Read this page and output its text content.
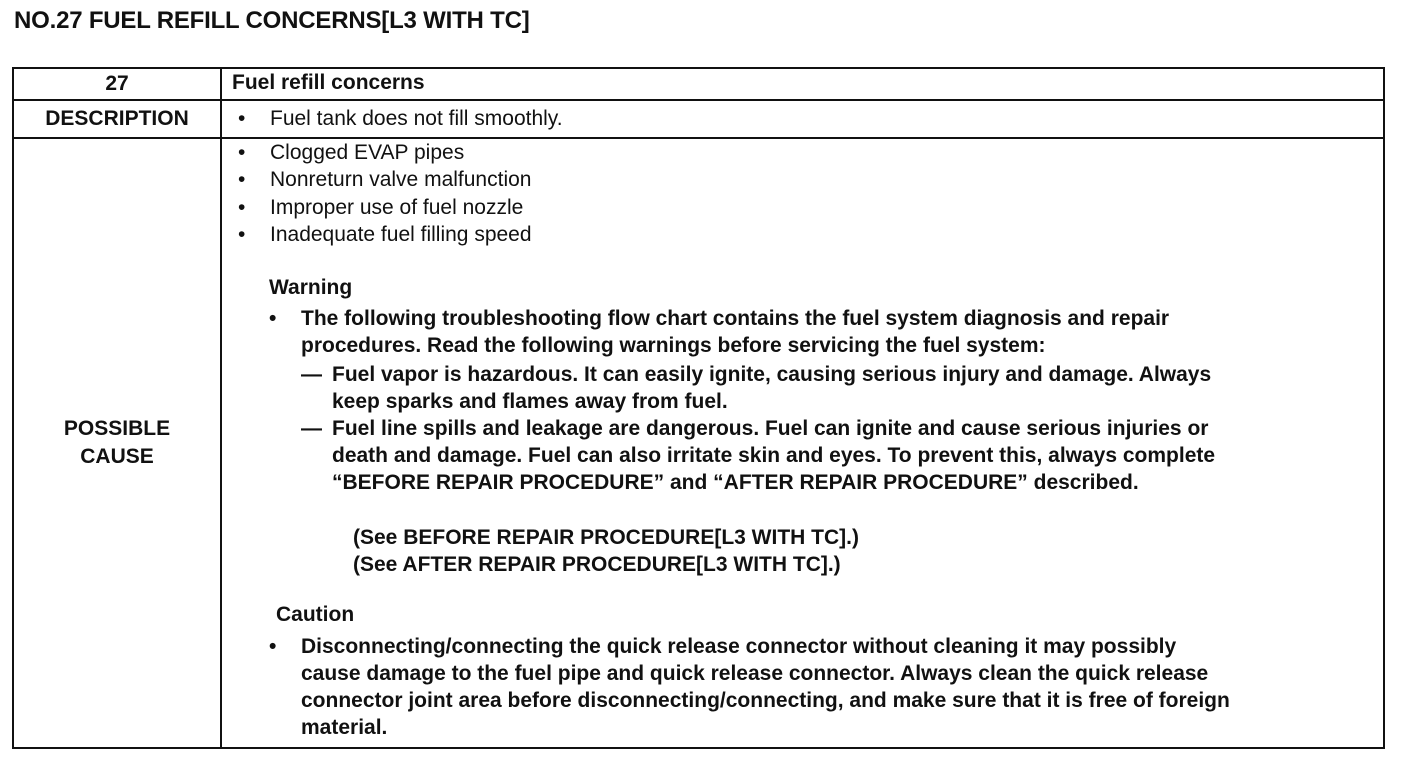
NO.27 FUEL REFILL CONCERNS[L3 WITH TC]
27	Fuel refill concerns
DESCRIPTION	• Fuel tank does not fill smoothly.
POSSIBLE
CAUSE
• Clogged EVAP pipes
• Nonreturn valve malfunction
• Improper use of fuel nozzle
• Inadequate fuel filling speed
Warning
• The following troubleshooting flow chart contains the fuel system diagnosis and repair
procedures. Read the following warnings before servicing the fuel system:
— Fuel vapor is hazardous. It can easily ignite, causing serious injury and damage. Always
keep sparks and flames away from fuel.
— Fuel line spills and leakage are dangerous. Fuel can ignite and cause serious injuries or
death and damage. Fuel can also irritate skin and eyes. To prevent this, always complete
“BEFORE REPAIR PROCEDURE” and “AFTER REPAIR PROCEDURE” described.
(See BEFORE REPAIR PROCEDURE[L3 WITH TC].)
(See AFTER REPAIR PROCEDURE[L3 WITH TC].)
Caution
• Disconnecting/connecting the quick release connector without cleaning it may possibly
cause damage to the fuel pipe and quick release connector. Always clean the quick release
connector joint area before disconnecting/connecting, and make sure that it is free of foreign
material.
